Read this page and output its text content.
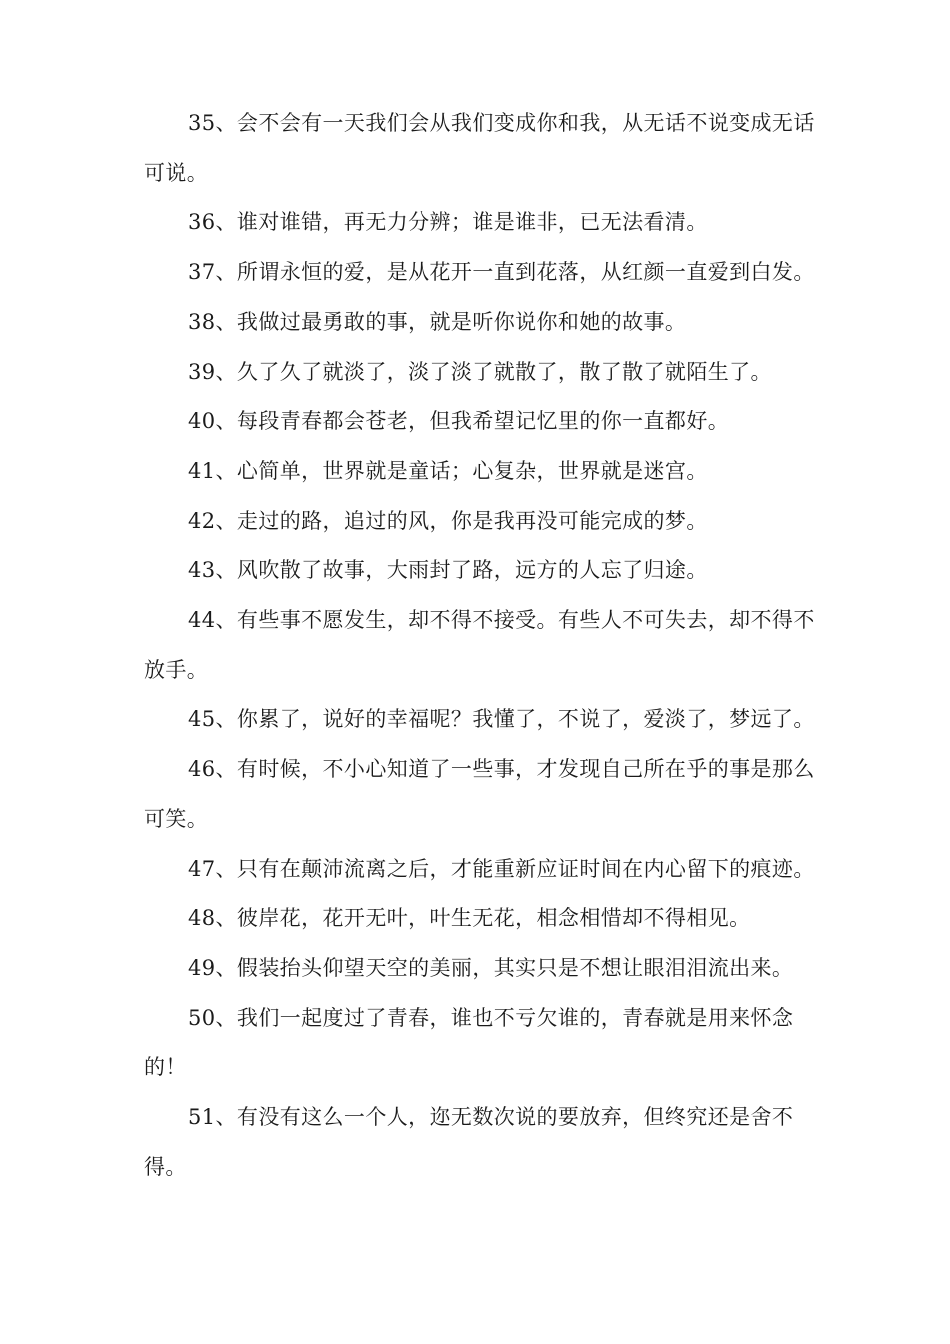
35、会不会有一天我们会从我们变成你和我，从无话不说变成无话可说。

36、谁对谁错，再无力分辨；谁是谁非，已无法看清。

37、所谓永恒的爱，是从花开一直到花落，从红颜一直爱到白发。

38、我做过最勇敢的事，就是听你说你和她的故事。

39、久了久了就淡了，淡了淡了就散了，散了散了就陌生了。

40、每段青春都会苍老，但我希望记忆里的你一直都好。

41、心简单，世界就是童话；心复杂，世界就是迷宫。

42、走过的路，追过的风，你是我再没可能完成的梦。

43、风吹散了故事，大雨封了路，远方的人忘了归途。

44、有些事不愿发生，却不得不接受。有些人不可失去，却不得不放手。

45、你累了，说好的幸福呢？我懂了，不说了，爱淡了，梦远了。

46、有时候，不小心知道了一些事，才发现自己所在乎的事是那么可笑。

47、只有在颠沛流离之后，才能重新应证时间在内心留下的痕迹。

48、彼岸花，花开无叶，叶生无花，相念相惜却不得相见。

49、假装抬头仰望天空的美丽，其实只是不想让眼泪泪流出来。

50、我们一起度过了青春，谁也不亏欠谁的，青春就是用来怀念的！

51、有没有这么一个人，迩无数次说的要放弃，但终究还是舍不得。
